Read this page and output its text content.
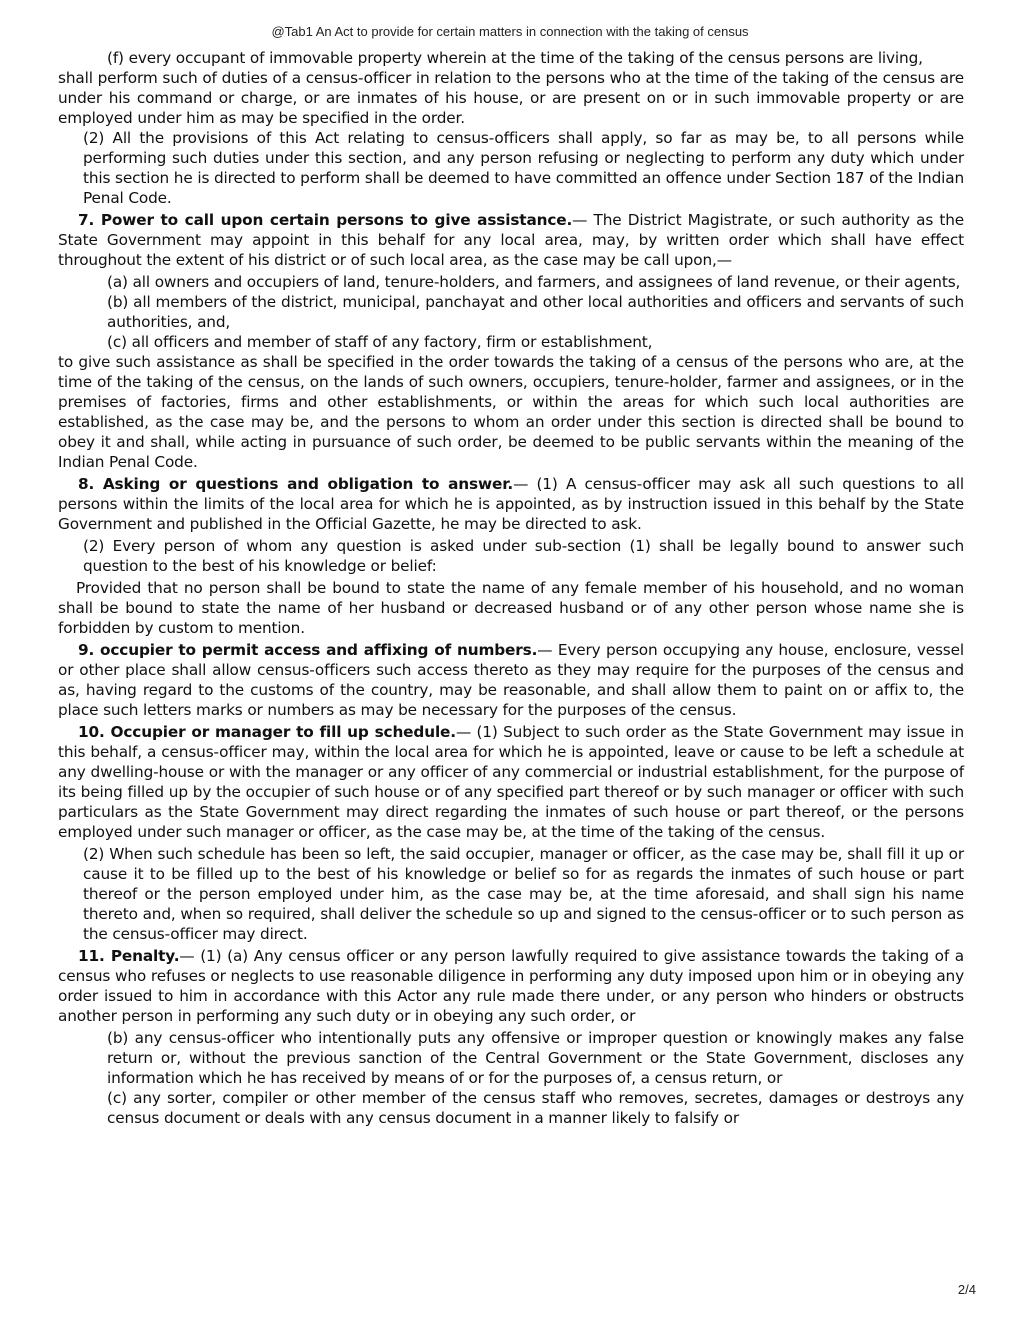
@Tab1 An Act to provide for certain matters in connection with the taking of census

(f) every occupant of immovable property wherein at the time of the taking of the census persons are living,

shall perform such of duties of a census-officer in relation to the persons who at the time of the taking of the census are under his command or charge, or are inmates of his house, or are present on or in such immovable property or are employed under him as may be specified in the order.

(2) All the provisions of this Act relating to census-officers shall apply, so far as may be, to all persons while performing such duties under this section, and any person refusing or neglecting to perform any duty which under this section he is directed to perform shall be deemed to have committed an offence under Section 187 of the Indian Penal Code.

7. Power to call upon certain persons to give assistance.— The District Magistrate, or such authority as the State Government may appoint in this behalf for any local area, may, by written order which shall have effect throughout the extent of his district or of such local area, as the case may be call upon,—

(a) all owners and occupiers of land, tenure-holders, and farmers, and assignees of land revenue, or their agents,

(b) all members of the district, municipal, panchayat and other local authorities and officers and servants of such authorities, and,

(c) all officers and member of staff of any factory, firm or establishment,

to give such assistance as shall be specified in the order towards the taking of a census of the persons who are, at the time of the taking of the census, on the lands of such owners, occupiers, tenure-holder, farmer and assignees, or in the premises of factories, firms and other establishments, or within the areas for which such local authorities are established, as the case may be, and the persons to whom an order under this section is directed shall be bound to obey it and shall, while acting in pursuance of such order, be deemed to be public servants within the meaning of the Indian Penal Code.

8. Asking or questions and obligation to answer.— (1) A census-officer may ask all such questions to all persons within the limits of the local area for which he is appointed, as by instruction issued in this behalf by the State Government and published in the Official Gazette, he may be directed to ask.

(2) Every person of whom any question is asked under sub-section (1) shall be legally bound to answer such question to the best of his knowledge or belief:

Provided that no person shall be bound to state the name of any female member of his household, and no woman shall be bound to state the name of her husband or decreased husband or of any other person whose name she is forbidden by custom to mention.

9. occupier to permit access and affixing of numbers.— Every person occupying any house, enclosure, vessel or other place shall allow census-officers such access thereto as they may require for the purposes of the census and as, having regard to the customs of the country, may be reasonable, and shall allow them to paint on or affix to, the place such letters marks or numbers as may be necessary for the purposes of the census.

10. Occupier or manager to fill up schedule.— (1) Subject to such order as the State Government may issue in this behalf, a census-officer may, within the local area for which he is appointed, leave or cause to be left a schedule at any dwelling-house or with the manager or any officer of any commercial or industrial establishment, for the purpose of its being filled up by the occupier of such house or of any specified part thereof or by such manager or officer with such particulars as the State Government may direct regarding the inmates of such house or part thereof, or the persons employed under such manager or officer, as the case may be, at the time of the taking of the census.

(2) When such schedule has been so left, the said occupier, manager or officer, as the case may be, shall fill it up or cause it to be filled up to the best of his knowledge or belief so for as regards the inmates of such house or part thereof or the person employed under him, as the case may be, at the time aforesaid, and shall sign his name thereto and, when so required, shall deliver the schedule so up and signed to the census-officer or to such person as the census-officer may direct.

11. Penalty.— (1) (a) Any census officer or any person lawfully required to give assistance towards the taking of a census who refuses or neglects to use reasonable diligence in performing any duty imposed upon him or in obeying any order issued to him in accordance with this Actor any rule made there under, or any person who hinders or obstructs another person in performing any such duty or in obeying any such order, or

(b) any census-officer who intentionally puts any offensive or improper question or knowingly makes any false return or, without the previous sanction of the Central Government or the State Government, discloses any information which he has received by means of or for the purposes of, a census return, or

(c) any sorter, compiler or other member of the census staff who removes, secretes, damages or destroys any census document or deals with any census document in a manner likely to falsify or

2/4
